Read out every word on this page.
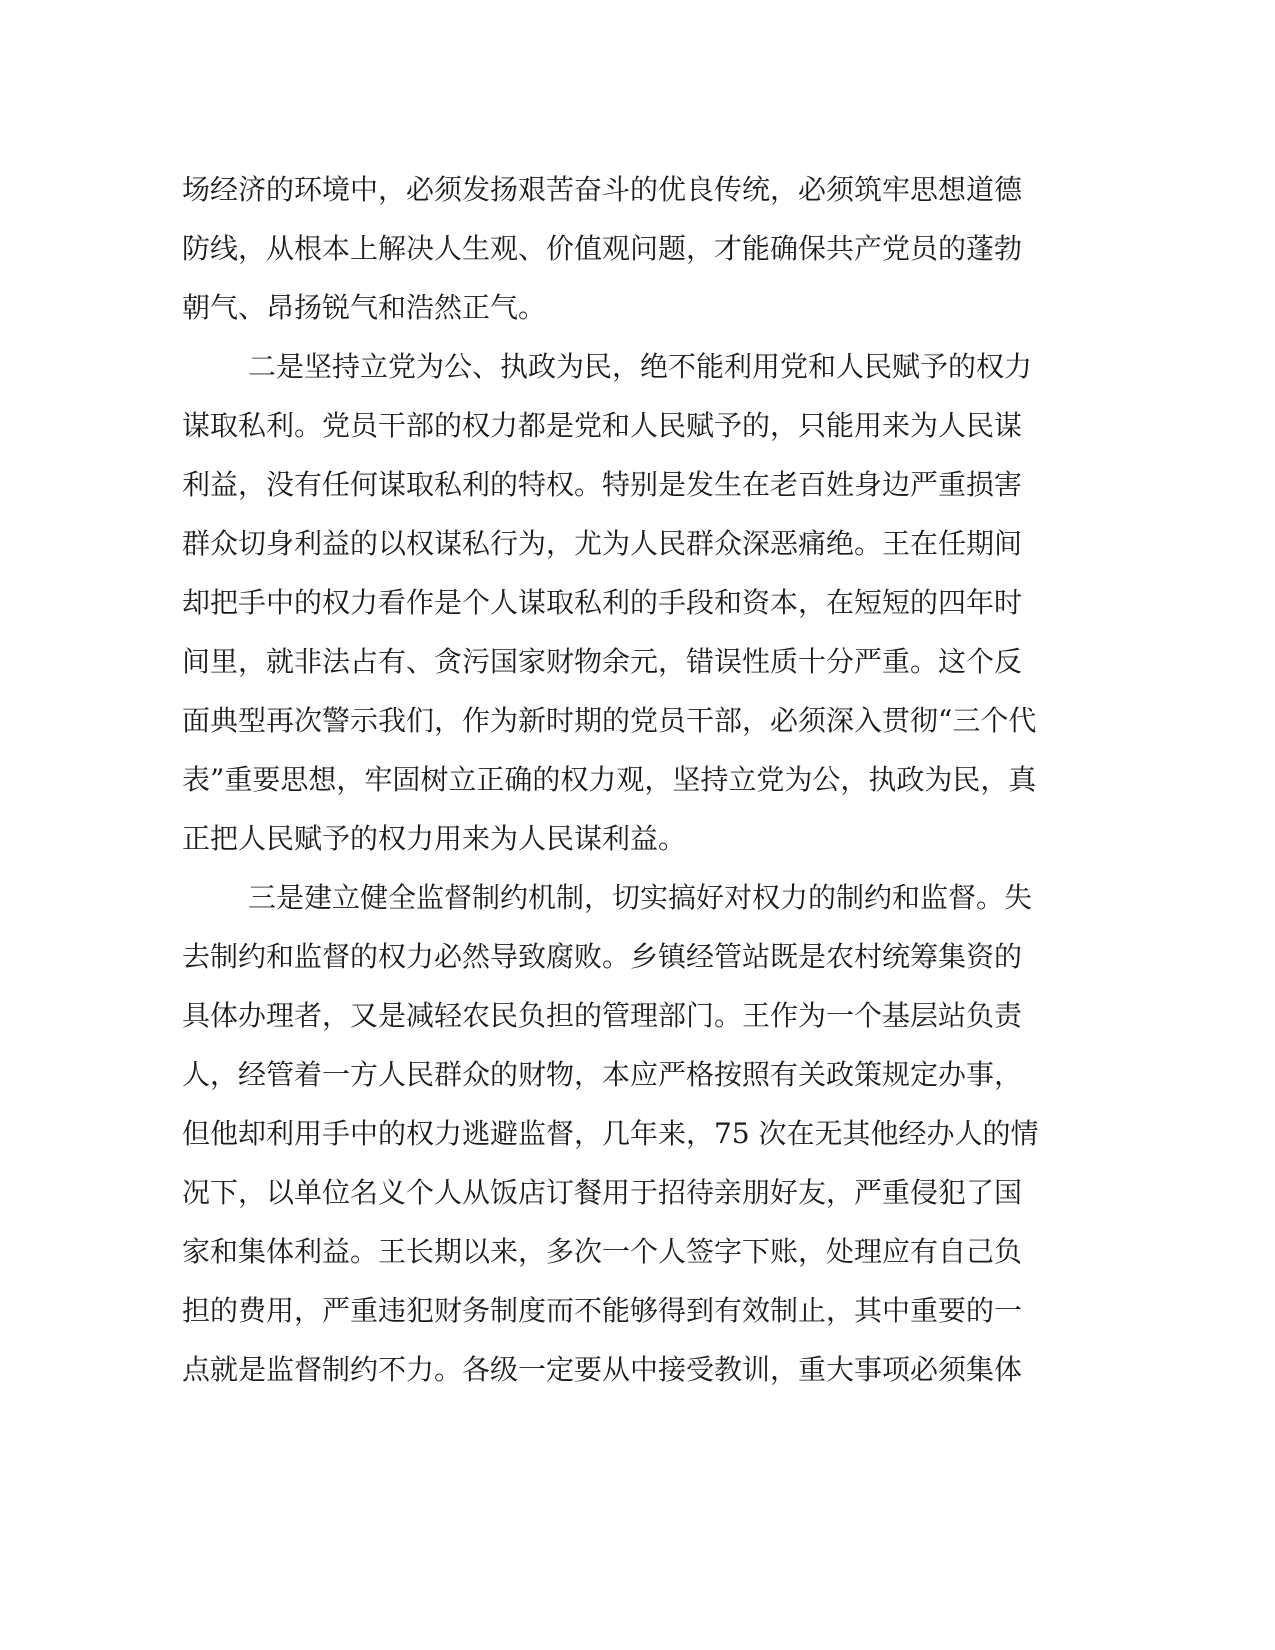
场经济的环境中，必须发扬艰苦奋斗的优良传统，必须筑牢思想道德
防线，从根本上解决人生观、价值观问题，才能确保共产党员的蓬勃
朝气、昂扬锐气和浩然正气。
二是坚持立党为公、执政为民，绝不能利用党和人民赋予的权力
谋取私利。党员干部的权力都是党和人民赋予的，只能用来为人民谋
利益，没有任何谋取私利的特权。特别是发生在老百姓身边严重损害
群众切身利益的以权谋私行为，尤为人民群众深恶痛绝。王在任期间
却把手中的权力看作是个人谋取私利的手段和资本，在短短的四年时
间里，就非法占有、贪污国家财物余元，错误性质十分严重。这个反
面典型再次警示我们，作为新时期的党员干部，必须深入贯彻“三个代
表”重要思想，牢固树立正确的权力观，坚持立党为公，执政为民，真
正把人民赋予的权力用来为人民谋利益。
三是建立健全监督制约机制，切实搞好对权力的制约和监督。失
去制约和监督的权力必然导致腐败。乡镇经管站既是农村统筹集资的
具体办理者，又是减轻农民负担的管理部门。王作为一个基层站负责
人，经管着一方人民群众的财物，本应严格按照有关政策规定办事，
但他却利用手中的权力逃避监督，几年来，75 次在无其他经办人的情
况下，以单位名义个人从饭店订餐用于招待亲朋好友，严重侵犯了国
家和集体利益。王长期以来，多次一个人签字下账，处理应有自己负
担的费用，严重违犯财务制度而不能够得到有效制止，其中重要的一
点就是监督制约不力。各级一定要从中接受教训，重大事项必须集体
